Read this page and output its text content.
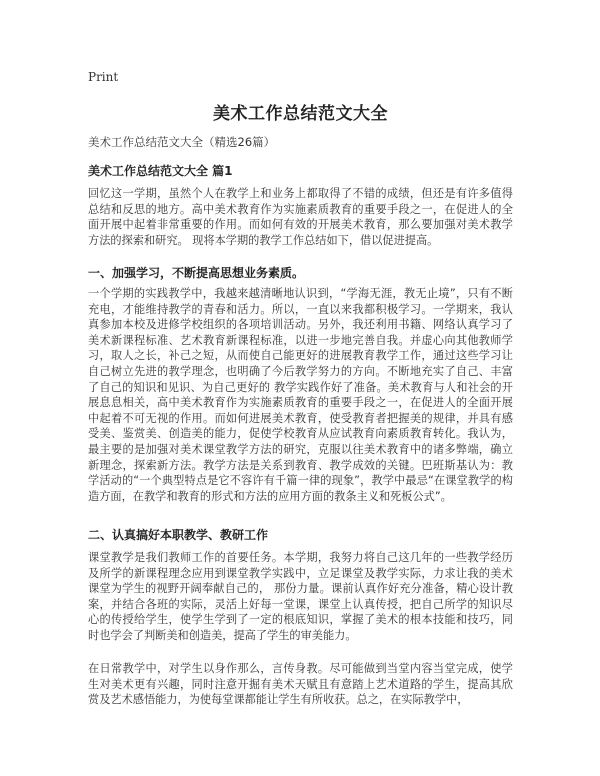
Print
美术工作总结范文大全
美术工作总结范文大全（精选26篇）
美术工作总结范文大全 篇1
回忆这一学期，虽然个人在教学上和业务上都取得了不错的成绩，但还是有许多值得总结和反思的地方。高中美术教育作为实施素质教育的重要手段之一，在促进人的全面开展中起着非常重要的作用。而如何有效的开展美术教育，那么要加强对美术教学方法的探索和研究。 现将本学期的教学工作总结如下，借以促进提高。
一、加强学习，不断提高思想业务素质。
一个学期的实践教学中，我越来越清晰地认识到，“学海无涯，教无止境”，只有不断充电，才能维持教学的青春和活力。所以，一直以来我都积极学习。一学期来，我认真参加本校及进修学校组织的各项培训活动。另外，我还利用书籍、网络认真学习了美术新课程标准、艺术教育新课程标准，以进一步地完善自我。并虚心向其他教师学习，取人之长，补己之短，从而使自己能更好的进展教育教学工作，通过这些学习让自己树立先进的教学理念，也明确了今后教学努力的方向。不断地充实了自己、丰富了自己的知识和见识、为自己更好的 教学实践作好了准备。美术教育与人和社会的开展息息相关，高中美术教育作为实施素质教育的重要手段之一，在促进人的全面开展中起着不可无视的作用。而如何进展美术教育，使受教育者把握美的规律，并具有感受美、鉴赏美、创造美的能力，促使学校教育从应试教育向素质教育转化。我认为，最主要的是加强对美术课堂教学方法的研究，克服以往美术教育中的诸多弊端，确立新理念，探索新方法。教学方法是关系到教育、教学成效的关键。巴班斯基认为：教学活动的“一个典型特点是它不容许有千篇一律的现象”，教学中最忌“在课堂教学的构造方面，在教学和教育的形式和方法的应用方面的教条主义和死板公式”。
二、认真搞好本职教学、教研工作
课堂教学是我们教师工作的首要任务。本学期，我努力将自己这几年的一些教学经历及所学的新课程理念应用到课堂教学实践中，立足课堂及教学实际，力求让我的美术课堂为学生的视野开阔奉献自己的， 那份力量。课前认真作好充分准备，精心设计教案，并结合各班的实际，灵活上好每一堂课，课堂上认真传授，把自己所学的知识尽心的传授给学生，使学生学到了一定的根底知识，掌握了美术的根本技能和技巧，同时也学会了判断美和创造美，提高了学生的审美能力。
在日常教学中，对学生以身作那么，言传身教。尽可能做到当堂内容当堂完成，使学生对美术更有兴趣，同时注意开掘有美术天赋且有意踏上艺术道路的学生，提高其欣赏及艺术感悟能力，为使每堂课都能让学生有所收获。总之，在实际教学中，
